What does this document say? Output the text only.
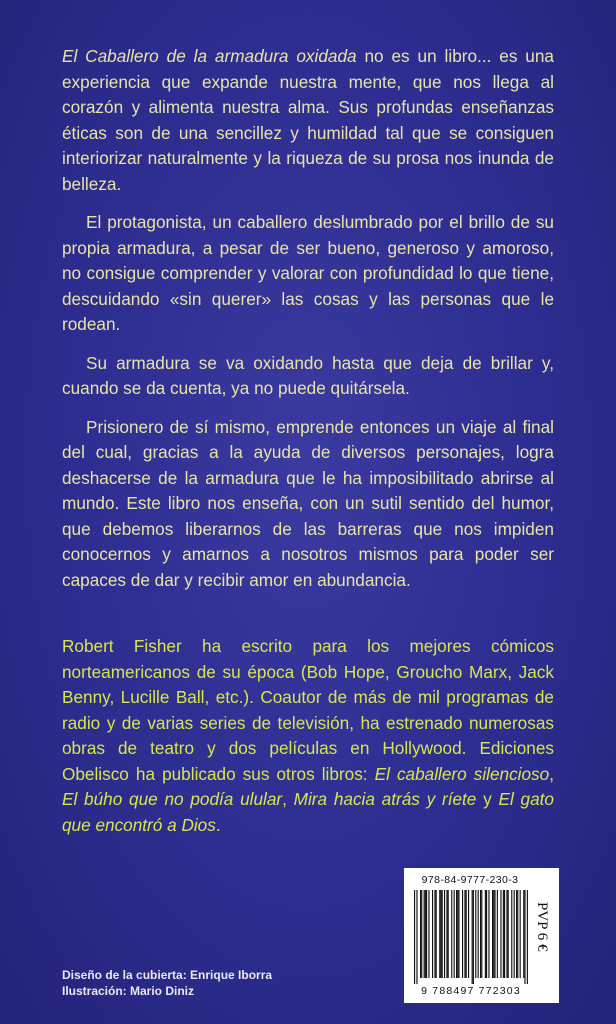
El Caballero de la armadura oxidada no es un libro... es una experiencia que expande nuestra mente, que nos llega al corazón y alimenta nuestra alma. Sus profundas enseñanzas éticas son de una sencillez y humildad tal que se consiguen interiorizar naturalmente y la riqueza de su prosa nos inunda de belleza.

El protagonista, un caballero deslumbrado por el brillo de su propia armadura, a pesar de ser bueno, generoso y amoroso, no consigue comprender y valorar con profundidad lo que tiene, descuidando «sin querer» las cosas y las personas que le rodean.

Su armadura se va oxidando hasta que deja de brillar y, cuando se da cuenta, ya no puede quitársela.

Prisionero de sí mismo, emprende entonces un viaje al final del cual, gracias a la ayuda de diversos personajes, logra deshacerse de la armadura que le ha imposibilitado abrirse al mundo. Este libro nos enseña, con un sutil sentido del humor, que debemos liberarnos de las barreras que nos impiden conocernos y amarnos a nosotros mismos para poder ser capaces de dar y recibir amor en abundancia.

Robert Fisher ha escrito para los mejores cómicos norteamericanos de su época (Bob Hope, Groucho Marx, Jack Benny, Lucille Ball, etc.). Coautor de más de mil programas de radio y de varias series de televisión, ha estrenado numerosas obras de teatro y dos películas en Hollywood. Ediciones Obelisco ha publicado sus otros libros: El caballero silencioso, El búho que no podía ulular, Mira hacia atrás y ríete y El gato que encontró a Dios.

978-84-9777-230-3
9 788497 772303
PVP 6 €
Diseño de la cubierta: Enrique Iborra
Ilustración: Mario Diniz
